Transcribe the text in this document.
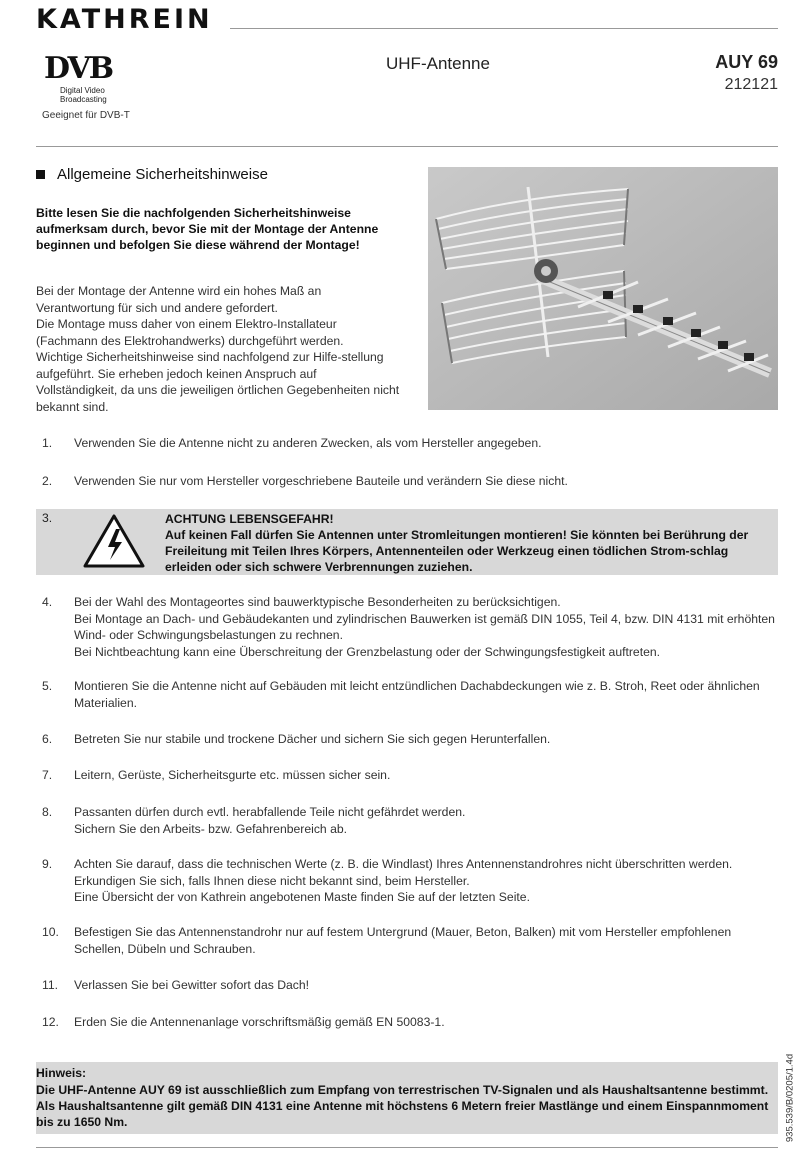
KATHREIN
DVB
Digital Video
Broadcasting
Geeignet für DVB-T
UHF-Antenne	AUY 69
212121
Allgemeine Sicherheitshinweise
Bitte lesen Sie die nachfolgenden Sicherheitshinweise aufmerksam durch, bevor Sie mit der Montage der Antenne beginnen und befolgen Sie diese während der Montage!
Bei der Montage der Antenne wird ein hohes Maß an Verantwortung für sich und andere gefordert.
Die Montage muss daher von einem Elektro-Installateur (Fachmann des Elektrohandwerks) durchgeführt werden.
Wichtige Sicherheitshinweise sind nachfolgend zur Hilfe-stellung aufgeführt. Sie erheben jedoch keinen Anspruch auf Vollständigkeit, da uns die jeweiligen örtlichen Gegebenheiten nicht bekannt sind.
1. Verwenden Sie die Antenne nicht zu anderen Zwecken, als vom Hersteller angegeben.
2. Verwenden Sie nur vom Hersteller vorgeschriebene Bauteile und verändern Sie diese nicht.
3.	ACHTUNG LEBENSGEFAHR!
Auf keinen Fall dürfen Sie Antennen unter Stromleitungen montieren! Sie könnten bei Berührung der Freileitung mit Teilen Ihres Körpers, Antennenteilen oder Werkzeug einen tödlichen Strom-schlag erleiden oder sich schwere Verbrennungen zuziehen.
4. Bei der Wahl des Montageortes sind bauwerktypische Besonderheiten zu berücksichtigen.
Bei Montage an Dach- und Gebäudekanten und zylindrischen Bauwerken ist gemäß DIN 1055, Teil 4, bzw. DIN 4131 mit erhöhten Wind- oder Schwingungsbelastungen zu rechnen.
Bei Nichtbeachtung kann eine Überschreitung der Grenzbelastung oder der Schwingungsfestigkeit auftreten.
5. Montieren Sie die Antenne nicht auf Gebäuden mit leicht entzündlichen Dachabdeckungen wie z. B. Stroh, Reet oder ähnlichen Materialien.
6. Betreten Sie nur stabile und trockene Dächer und sichern Sie sich gegen Herunterfallen.
7. Leitern, Gerüste, Sicherheitsgurte etc. müssen sicher sein.
8. Passanten dürfen durch evtl. herabfallende Teile nicht gefährdet werden.
Sichern Sie den Arbeits- bzw. Gefahrenbereich ab.
9. Achten Sie darauf, dass die technischen Werte (z. B. die Windlast) Ihres Antennenstandrohres nicht überschritten werden. Erkundigen Sie sich, falls Ihnen diese nicht bekannt sind, beim Hersteller.
Eine Übersicht der von Kathrein angebotenen Maste finden Sie auf der letzten Seite.
10. Befestigen Sie das Antennenstandrohr nur auf festem Untergrund (Mauer, Beton, Balken) mit vom Hersteller empfohlenen Schellen, Dübeln und Schrauben.
11. Verlassen Sie bei Gewitter sofort das Dach!
12. Erden Sie die Antennenanlage vorschriftsmäßig gemäß EN 50083-1.
Hinweis:
Die UHF-Antenne AUY 69 ist ausschließlich zum Empfang von terrestrischen TV-Signalen und als Haushaltsantenne bestimmt. Als Haushaltsantenne gilt gemäß DIN 4131 eine Antenne mit höchstens 6 Metern freier Mastlänge und einem Einspannmoment bis zu 1650 Nm.	935.539/B/0205/1.4d
